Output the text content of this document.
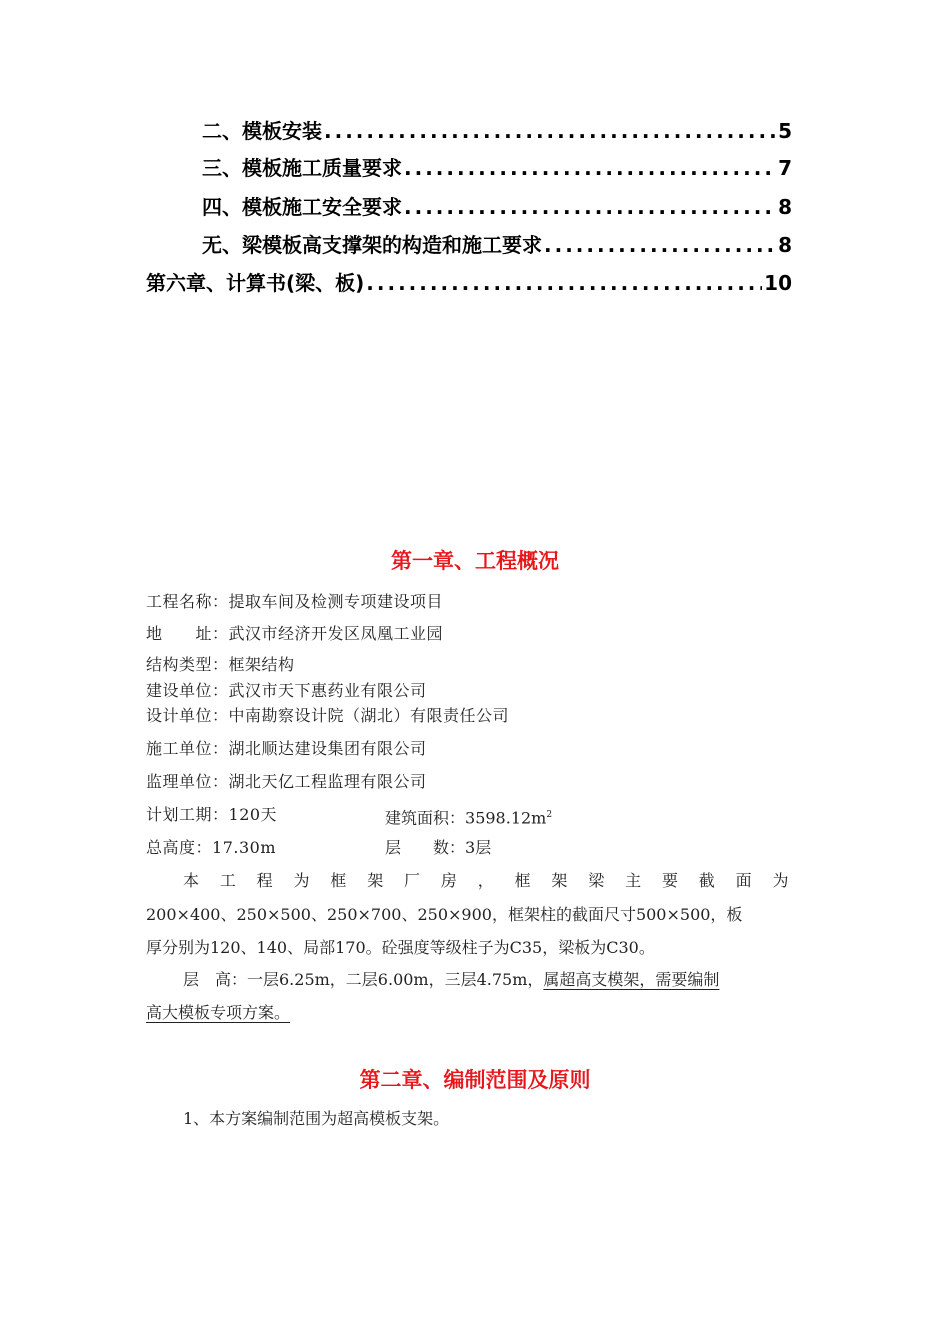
二、模板安装 .....	5
三、模板施工质量要求 .....	7
四、模板施工安全要求 .....	8
无、梁模板高支撑架的构造和施工要求 .....	8
第六章、计算书(梁、板) .....	10
第一章、工程概况
工程名称：提取车间及检测专项建设项目
地　　址：武汉市经济开发区凤凰工业园
结构类型：框架结构
建设单位：武汉市天下惠药业有限公司
设计单位：中南勘察设计院（湖北）有限责任公司
施工单位：湖北顺达建设集团有限公司
监理单位：湖北天亿工程监理有限公司
计划工期：120天	建筑面积：$3598.12m^2$
总高度：17.30m	层　　数：3层
本工程为框架厂房，框架梁主要截面为
200×400、250×500、250×700、250×900，框架柱的截面尺寸500×500，板
厚分别为120、140、局部170。砼强度等级柱子为C35，梁板为C30。
层　高：一层6.25m，二层6.00m，三层4.75m，属超高支模架，需要编制
高大模板专项方案。
第二章、编制范围及原则
1、本方案编制范围为超高模板支架。
